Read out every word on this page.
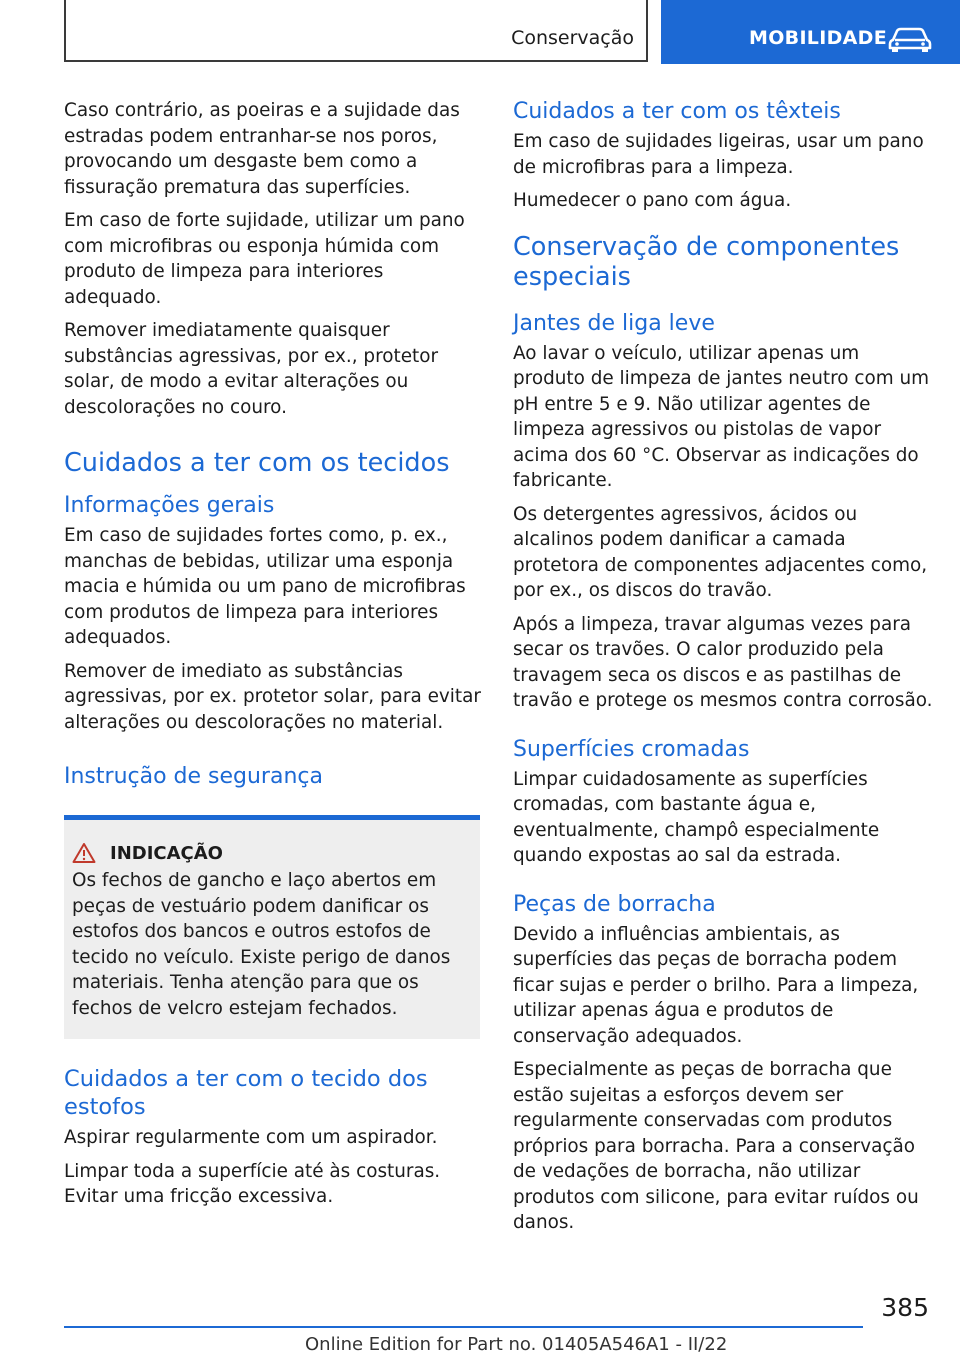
Conservação	MOBILIDADE

Caso contrário, as poeiras e a sujidade das estradas podem entranhar-se nos poros, provocando um desgaste bem como a fissuração prematura das superfícies.

Em caso de forte sujidade, utilizar um pano com microfibras ou esponja húmida com produto de limpeza para interiores adequado.

Remover imediatamente quaisquer substâncias agressivas, por ex., protetor solar, de modo a evitar alterações ou descolorações no couro.

Cuidados a ter com os tecidos
Informações gerais

Em caso de sujidades fortes como, p. ex., manchas de bebidas, utilizar uma esponja macia e húmida ou um pano de microfibras com produtos de limpeza para interiores adequados.

Remover de imediato as substâncias agressivas, por ex. protetor solar, para evitar alterações ou descolorações no material.

Instrução de segurança
INDICAÇÃO

Os fechos de gancho e laço abertos em peças de vestuário podem danificar os estofos dos bancos e outros estofos de tecido no veículo. Existe perigo de danos materiais. Tenha atenção para que os fechos de velcro estejam fechados.

Cuidados a ter com o tecido dos estofos

Aspirar regularmente com um aspirador.

Limpar toda a superfície até às costuras. Evitar uma fricção excessiva.

Cuidados a ter com os têxteis

Em caso de sujidades ligeiras, usar um pano de microfibras para a limpeza.

Humedecer o pano com água.

Conservação de componentes especiais
Jantes de liga leve

Ao lavar o veículo, utilizar apenas um produto de limpeza de jantes neutro com um pH entre 5 e 9. Não utilizar agentes de limpeza agressivos ou pistolas de vapor acima dos 60 °C. Observar as indicações do fabricante.

Os detergentes agressivos, ácidos ou alcalinos podem danificar a camada protetora de componentes adjacentes como, por ex., os discos do travão.

Após a limpeza, travar algumas vezes para secar os travões. O calor produzido pela travagem seca os discos e as pastilhas de travão e protege os mesmos contra corrosão.

Superfícies cromadas

Limpar cuidadosamente as superfícies cromadas, com bastante água e, eventualmente, champô especialmente quando expostas ao sal da estrada.

Peças de borracha

Devido a influências ambientais, as superfícies das peças de borracha podem ficar sujas e perder o brilho. Para a limpeza, utilizar apenas água e produtos de conservação adequados.

Especialmente as peças de borracha que estão sujeitas a esforços devem ser regularmente conservadas com produtos próprios para borracha. Para a conservação de vedações de borracha, não utilizar produtos com silicone, para evitar ruídos ou danos.

385
Online Edition for Part no. 01405A546A1 - II/22
